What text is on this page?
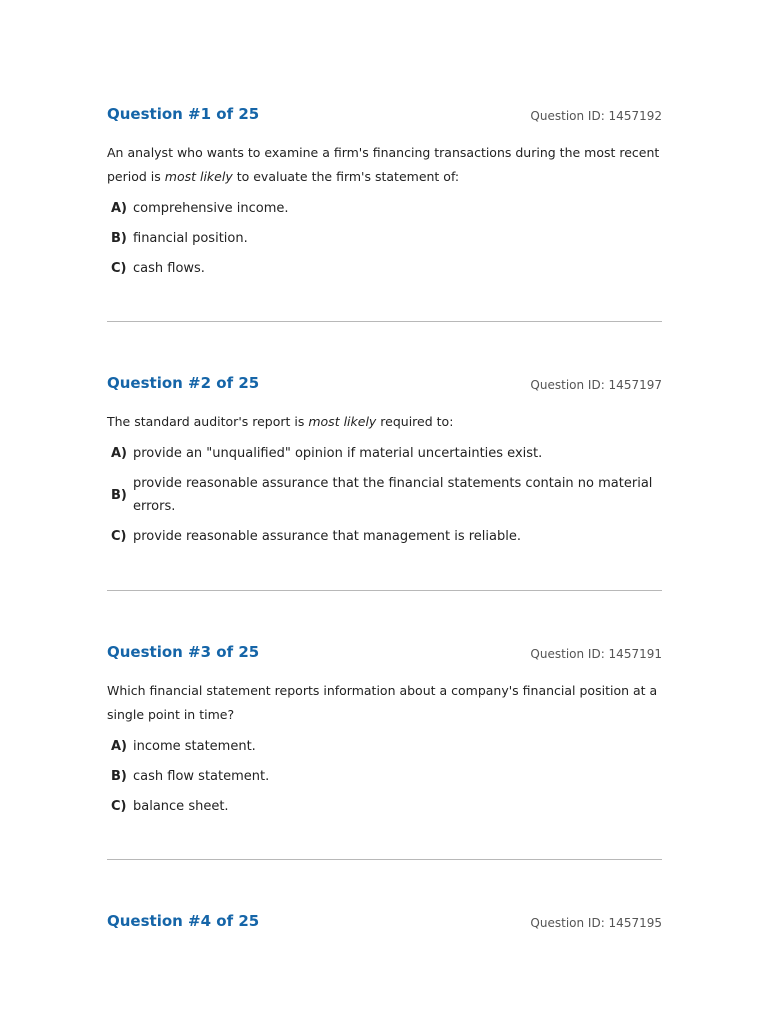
Question #1 of 25	Question ID: 1457192

An analyst who wants to examine a firm's financing transactions during the most recent period is most likely to evaluate the firm's statement of:

A) comprehensive income.
B) financial position.
C) cash flows.
Question #2 of 25	Question ID: 1457197

The standard auditor's report is most likely required to:

A) provide an "unqualified" opinion if material uncertainties exist.
B)
provide reasonable assurance that the financial statements contain no material errors.
C) provide reasonable assurance that management is reliable.
Question #3 of 25	Question ID: 1457191

Which financial statement reports information about a company's financial position at a single point in time?

A) income statement.
B) cash flow statement.
C) balance sheet.
Question #4 of 25	Question ID: 1457195
